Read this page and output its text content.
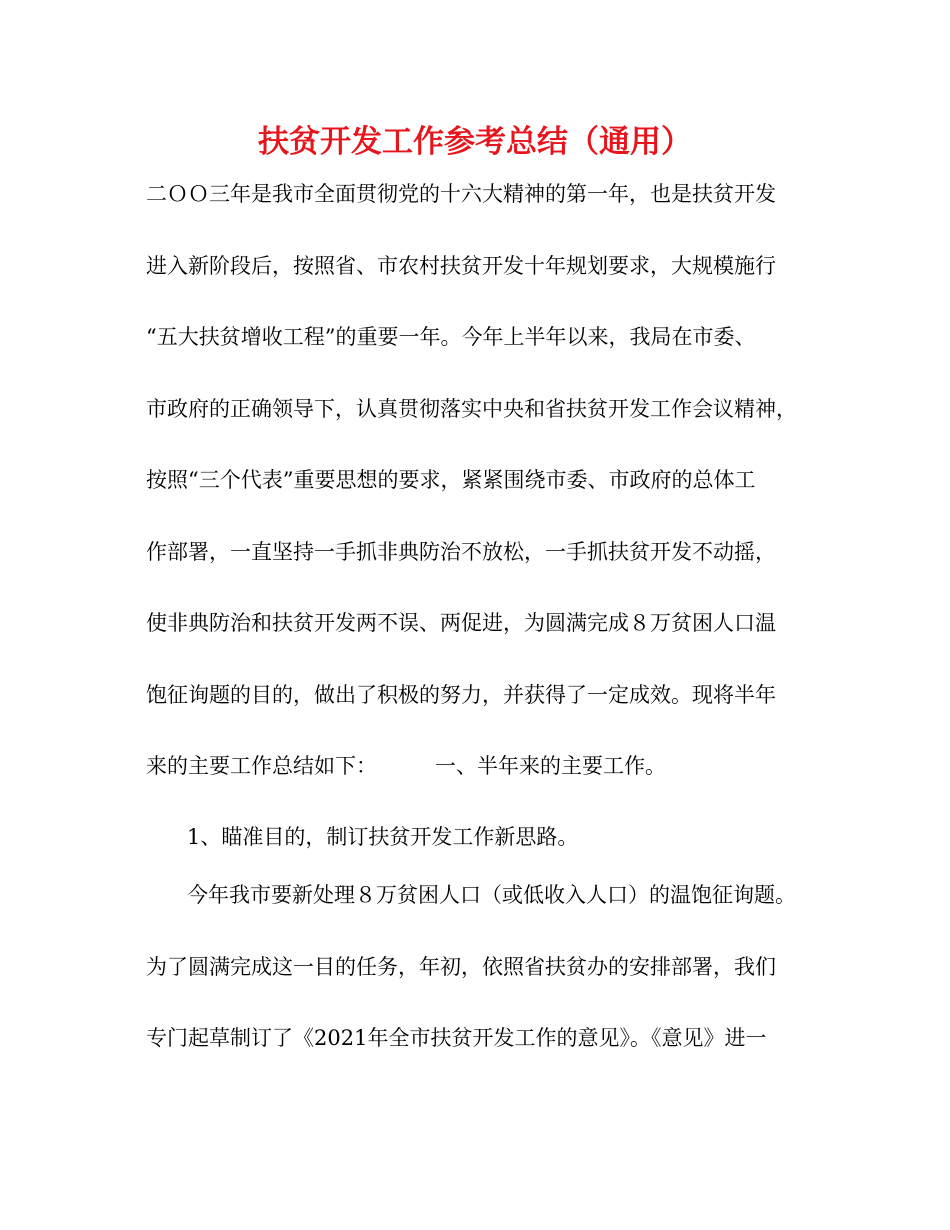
扶贫开发工作参考总结（通用）
二ＯＯ三年是我市全面贯彻党的十六大精神的第一年，也是扶贫开发
进入新阶段后，按照省、市农村扶贫开发十年规划要求，大规模施行
“五大扶贫增收工程”的重要一年。今年上半年以来，我局在市委、
市政府的正确领导下，认真贯彻落实中央和省扶贫开发工作会议精神，
按照“三个代表”重要思想的要求，紧紧围绕市委、市政府的总体工
作部署，一直坚持一手抓非典防治不放松，一手抓扶贫开发不动摇，
使非典防治和扶贫开发两不误、两促进，为圆满完成８万贫困人口温
饱征询题的目的，做出了积极的努力，并获得了一定成效。现将半年
来的主要工作总结如下：	一、半年来的主要工作。
1、瞄准目的，制订扶贫开发工作新思路。
今年我市要新处理８万贫困人口（或低收入人口）的温饱征询题。
为了圆满完成这一目的任务，年初，依照省扶贫办的安排部署，我们
专门起草制订了《2021年全市扶贫开发工作的意见》。《意见》进一
